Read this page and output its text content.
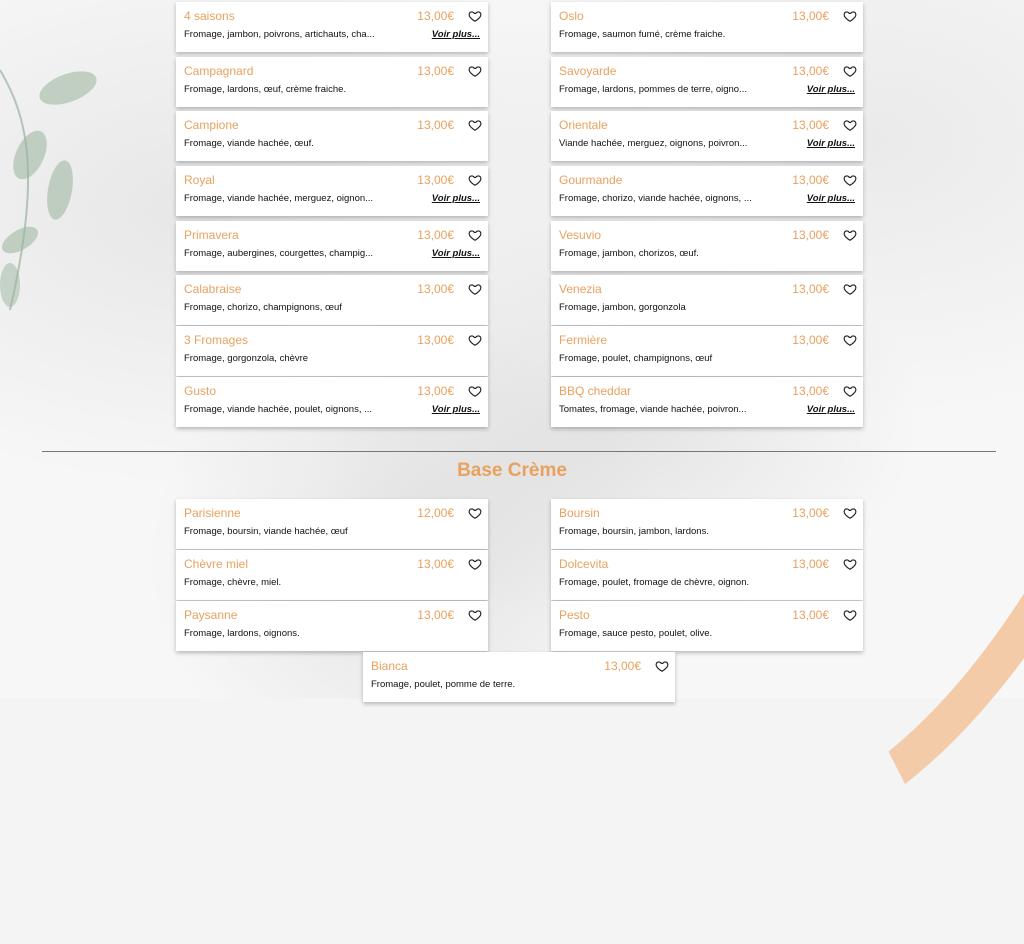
4 saisons	13,00€
Fromage, jambon, poivrons, artichauts, cha...	Voir plus...
Oslo	13,00€
Fromage, saumon fumé, crème fraiche.
Campagnard	13,00€
Fromage, lardons, œuf, crème fraiche.
Savoyarde	13,00€
Fromage, lardons, pommes de terre, oigno...	Voir plus...
Campione	13,00€
Fromage, viande hachée, œuf.
Orientale	13,00€
Viande hachée, merguez, oignons, poivron...	Voir plus...
Royal	13,00€
Fromage, viande hachée, merguez, oignon...	Voir plus...
Gourmande	13,00€
Fromage, chorizo, viande hachée, oignons, ...	Voir plus...
Primavera	13,00€
Fromage, aubergines, courgettes, champig...	Voir plus...
Vesuvio	13,00€
Fromage, jambon, chorizos, œuf.
Calabraise	13,00€
Fromage, chorizo, champignons, œuf
Venezia	13,00€
Fromage, jambon, gorgonzola
3 Fromages	13,00€
Fromage, gorgonzola, chèvre
Fermière	13,00€
Fromage, poulet, champignons, œuf
Gusto	13,00€
Fromage, viande hachée, poulet, oignons, ...	Voir plus...
BBQ cheddar	13,00€
Tomates, fromage, viande hachée, poivron...	Voir plus...
Parisienne	12,00€
Fromage, boursin, viande hachée, œuf
Boursin	13,00€
Fromage, boursin, jambon, lardons.
Chèvre miel	13,00€
Fromage, chèvre, miel.
Dolcevita	13,00€
Fromage, poulet, fromage de chèvre, oignon.
Paysanne	13,00€
Fromage, lardons, oignons.
Pesto	13,00€
Fromage, sauce pesto, poulet, olive.
Bianca	13,00€
Fromage, poulet, pomme de terre.
Base Crème
